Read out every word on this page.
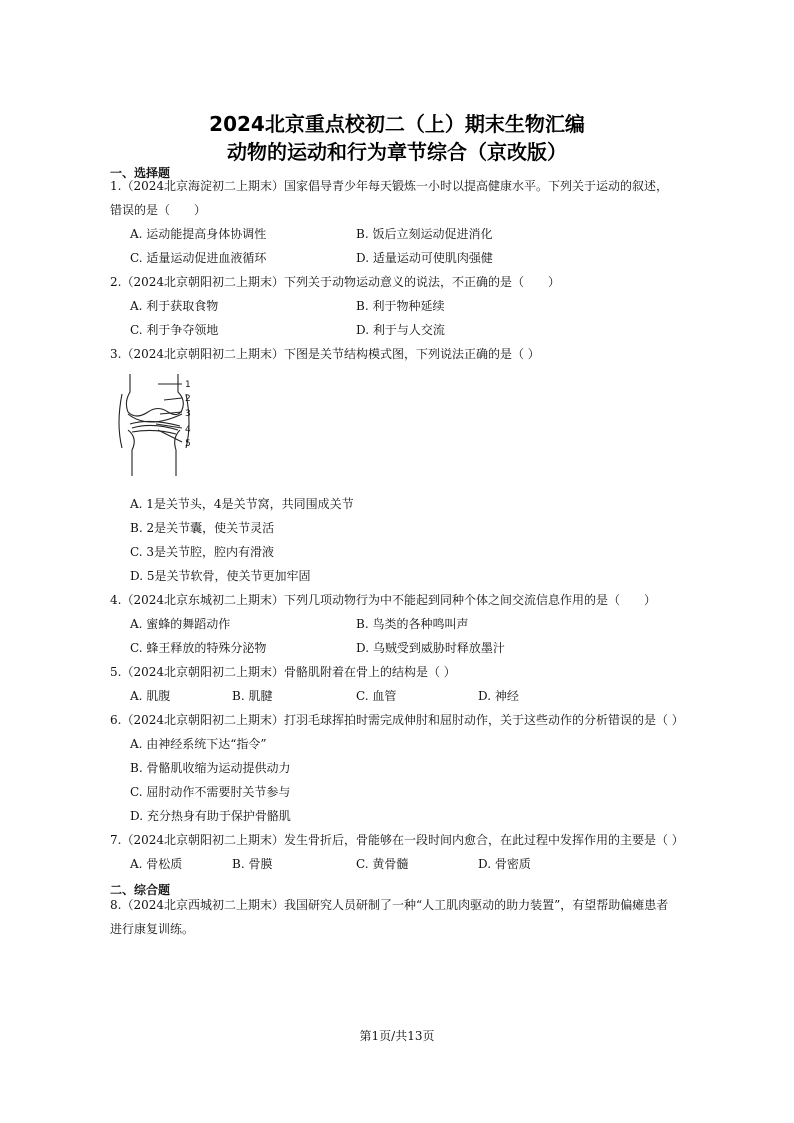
2024北京重点校初二（上）期末生物汇编
动物的运动和行为章节综合（京改版）
一、选择题
1.（2024北京海淀初二上期末）国家倡导青少年每天锻炼一小时以提高健康水平。下列关于运动的叙述，
错误的是（　　）
A. 运动能提高身体协调性	B. 饭后立刻运动促进消化
C. 适量运动促进血液循环	D. 适量运动可使肌肉强健
2.（2024北京朝阳初二上期末）下列关于动物运动意义的说法，不正确的是（　　）
A. 利于获取食物	B. 利于物种延续
C. 利于争夺领地	D. 利于与人交流
3.（2024北京朝阳初二上期末）下图是关节结构模式图，下列说法正确的是（ ）
1
2
3
4
5
A. 1是关节头，4是关节窝，共同围成关节
B. 2是关节囊，使关节灵活
C. 3是关节腔，腔内有滑液
D. 5是关节软骨，使关节更加牢固
4.（2024北京东城初二上期末）下列几项动物行为中不能起到同种个体之间交流信息作用的是（　　）
A. 蜜蜂的舞蹈动作	B. 鸟类的各种鸣叫声
C. 蜂王释放的特殊分泌物	D. 乌贼受到威胁时释放墨汁
5.（2024北京朝阳初二上期末）骨骼肌附着在骨上的结构是（ ）
A. 肌腹	B. 肌腱	C. 血管	D. 神经
6.（2024北京朝阳初二上期末）打羽毛球挥拍时需完成伸肘和屈肘动作，关于这些动作的分析错误的是（ ）
A. 由神经系统下达“指令”
B. 骨骼肌收缩为运动提供动力
C. 屈肘动作不需要肘关节参与
D. 充分热身有助于保护骨骼肌
7.（2024北京朝阳初二上期末）发生骨折后，骨能够在一段时间内愈合，在此过程中发挥作用的主要是（ ）
A. 骨松质	B. 骨膜	C. 黄骨髓	D. 骨密质
二、综合题
8.（2024北京西城初二上期末）我国研究人员研制了一种“人工肌肉驱动的助力装置”，有望帮助偏瘫患者
进行康复训练。
第1页/共13页
